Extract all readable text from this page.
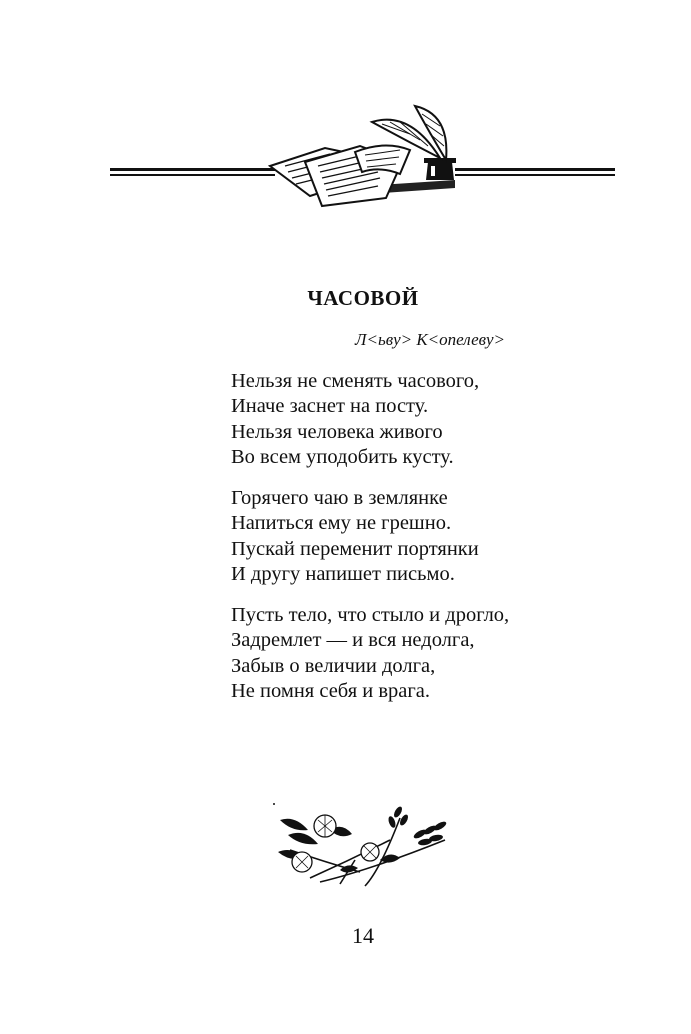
ЧАСОВОЙ

Л<ьву> К<опелеву>

Нельзя не сменять часового,
Иначе заснет на посту.
Нельзя человека живого
Во всем уподобить кусту.
Горячего чаю в землянке
Напиться ему не грешно.
Пускай переменит портянки
И другу напишет письмо.
Пусть тело, что стыло и дрогло,
Задремлет — и вся недолга,
Забыв о величии долга,
Не помня себя и врага.

14
